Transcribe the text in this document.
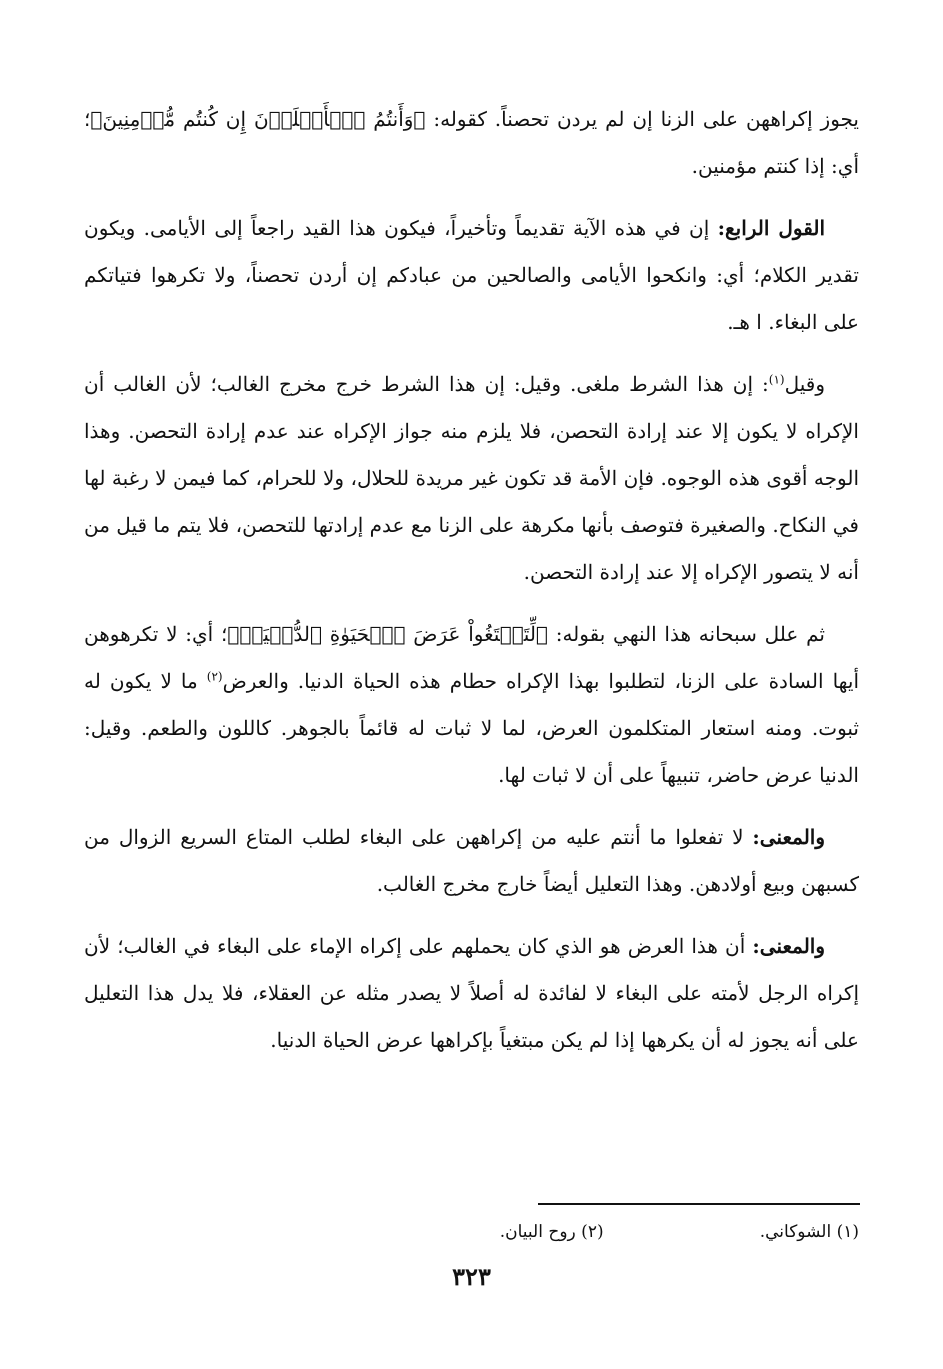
يجوز إكراههن على الزنا إن لم يردن تحصناً. كقوله: ﴿وَأَنتُمُ ٱلۡأَعۡلَوۡنَ إِن كُنتُم مُّؤۡمِنِينَ﴾؛ أي: إذا كنتم مؤمنين.

القول الرابع: إن في هذه الآية تقديماً وتأخيراً، فيكون هذا القيد راجعاً إلى الأيامى. ويكون تقدير الكلام؛ أي: وانكحوا الأيامى والصالحين من عبادكم إن أردن تحصناً، ولا تكرهوا فتياتكم على البغاء. ا هـ.

وقيل$^{(١)}$: إن هذا الشرط ملغى. وقيل: إن هذا الشرط خرج مخرج الغالب؛ لأن الغالب أن الإكراه لا يكون إلا عند إرادة التحصن، فلا يلزم منه جواز الإكراه عند عدم إرادة التحصن. وهذا الوجه أقوى هذه الوجوه. فإن الأمة قد تكون غير مريدة للحلال، ولا للحرام، كما فيمن لا رغبة لها في النكاح. والصغيرة فتوصف بأنها مكرهة على الزنا مع عدم إرادتها للتحصن، فلا يتم ما قيل من أنه لا يتصور الإكراه إلا عند إرادة التحصن.

ثم علل سبحانه هذا النهي بقوله: ﴿لِّتَبۡتَغُواْ عَرَضَ ٱلۡحَيَوٰةِ ٱلدُّنۡيَاۚ﴾؛ أي: لا تكرهوهن أيها السادة على الزنا، لتطلبوا بهذا الإكراه حطام هذه الحياة الدنيا. والعرض$^{(٢)}$ ما لا يكون له ثبوت. ومنه استعار المتكلمون العرض، لما لا ثبات له قائماً بالجوهر. كاللون والطعم. وقيل: الدنيا عرض حاضر، تنبيهاً على أن لا ثبات لها.

والمعنى: لا تفعلوا ما أنتم عليه من إكراههن على البغاء لطلب المتاع السريع الزوال من كسبهن وبيع أولادهن. وهذا التعليل أيضاً خارج مخرج الغالب.

والمعنى: أن هذا العرض هو الذي كان يحملهم على إكراه الإماء على البغاء في الغالب؛ لأن إكراه الرجل لأمته على البغاء لا لفائدة له أصلاً لا يصدر مثله عن العقلاء، فلا يدل هذا التعليل على أنه يجوز له أن يكرهها إذا لم يكن مبتغياً بإكراهها عرض الحياة الدنيا.

(١) الشوكاني. (٢) روح البيان.
٣٢٣
